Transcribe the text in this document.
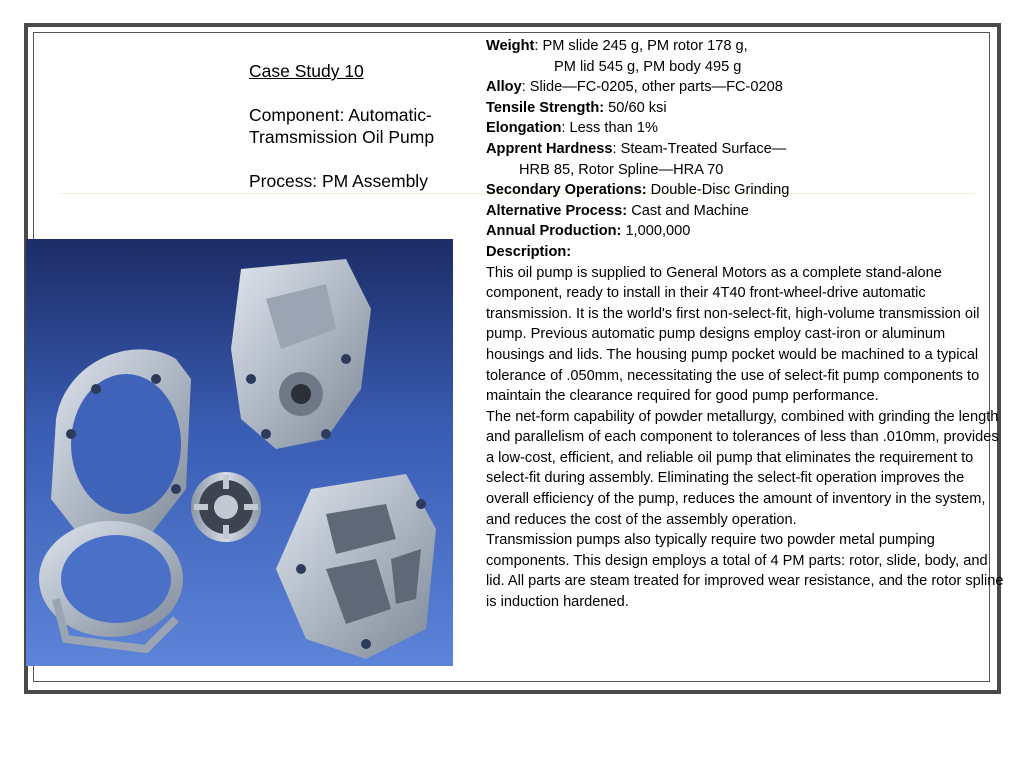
Case Study 10
Component: Automatic-Tramsmission Oil Pump
Process: PM Assembly
Weight: PM slide 245 g, PM rotor 178 g,
PM lid 545 g, PM body 495 g
Alloy: Slide—FC-0205, other parts—FC-0208
Tensile Strength: 50/60 ksi
Elongation: Less than 1%
Apprent Hardness: Steam-Treated Surface—
HRB 85, Rotor Spline—HRA 70
Secondary Operations: Double-Disc Grinding
Alternative Process: Cast and Machine
Annual Production: 1,000,000
Description:

This oil pump is supplied to General Motors as a complete stand-alone component, ready to install in their 4T40 front-wheel-drive automatic transmission. It is the world's first non-select-fit, high-volume transmission oil pump. Previous automatic pump designs employ cast-iron or aluminum housings and lids. The housing pump pocket would be machined to a typical tolerance of .050mm, necessitating the use of select-fit pump components to maintain the clearance required for good pump performance.

The net-form capability of powder metallurgy, combined with grinding the length and parallelism of each component to tolerances of less than .010mm, provides a low-cost, efficient, and reliable oil pump that eliminates the requirement to select-fit during assembly. Eliminating the select-fit operation improves the overall efficiency of the pump, reduces the amount of inventory in the system, and reduces the cost of the assembly operation.

Transmission pumps also typically require two powder metal pumping components. This design employs a total of 4 PM parts: rotor, slide, body, and lid. All parts are steam treated for improved wear resistance, and the rotor spline is induction hardened.
